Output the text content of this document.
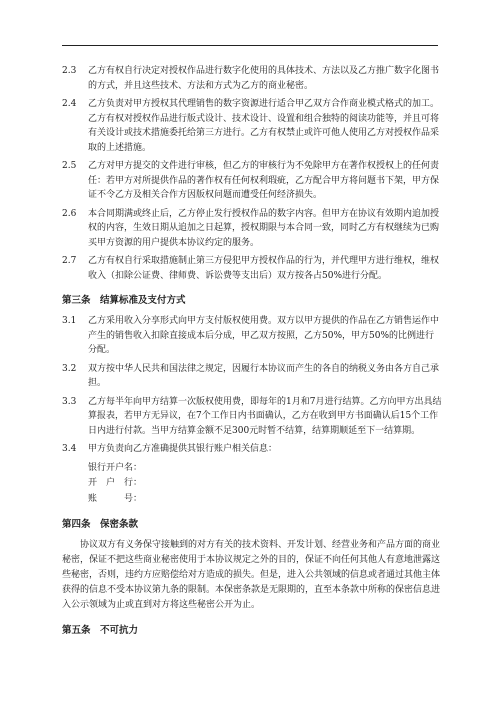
2.3 乙方有权自行决定对授权作品进行数字化使用的具体技术、方法以及乙方推广数字化图书的方式，并且这些技术、方法和方式为乙方的商业秘密。
2.4 乙方负责对甲方授权其代理销售的数字资源进行适合甲乙双方合作商业模式格式的加工。乙方有权对授权作品进行版式设计、技术设计、设置和组合独特的阅读功能等，并且可将有关设计或技术措施委托给第三方进行。乙方有权禁止或许可他人使用乙方对授权作品采取的上述措施。
2.5 乙方对甲方提交的文件进行审核，但乙方的审核行为不免除甲方在著作权授权上的任何责任：若甲方对所提供作品的著作权有任何权利瑕疵，乙方配合甲方将问题书下架，甲方保证不令乙方及相关合作方因版权问题而遭受任何经济损失。
2.6 本合同期满或终止后，乙方停止发行授权作品的数字内容。但甲方在协议有效期内追加授权的内容，生效日期从追加之日起算，授权期限与本合同一致，同时乙方有权继续为已购买甲方资源的用户提供本协议约定的服务。
2.7 乙方有权自行采取措施制止第三方侵犯甲方授权作品的行为，并代理甲方进行维权，维权收入（扣除公证费、律师费、诉讼费等支出后）双方按各占50%进行分配。
第三条　结算标准及支付方式
3.1 乙方采用收入分享形式向甲方支付版权使用费。双方以甲方提供的作品在乙方销售运作中产生的销售收入扣除直接成本后分成，甲乙双方按照，乙方50%，甲方50%的比例进行分配。
3.2 双方按中华人民共和国法律之规定，因履行本协议而产生的各自的纳税义务由各方自己承担。
3.3 乙方每半年向甲方结算一次版权使用费，即每年的1月和7月进行结算。乙方向甲方出具结算报表，若甲方无异议，在7个工作日内书面确认，乙方在收到甲方书面确认后15个工作日内进行付款。当甲方结算金额不足300元时暂不结算，结算期顺延至下一结算期。
3.4 甲方负责向乙方准确提供其银行账户相关信息：
银行开户名：
开　户　行：
账　　　号：
第四条　保密条款

协议双方有义务保守接触到的对方有关的技术资料、开发计划、经营业务和产品方面的商业秘密，保证不把这些商业秘密使用于本协议规定之外的目的，保证不向任何其他人有意地泄露这些秘密，否则，违约方应赔偿给对方造成的损失。但是，进入公共领域的信息或者通过其他主体获得的信息不受本协议第九条的限制。本保密条款是无限期的，直至本条款中所称的保密信息进入公示领域为止或直到对方将这些秘密公开为止。

第五条　不可抗力
